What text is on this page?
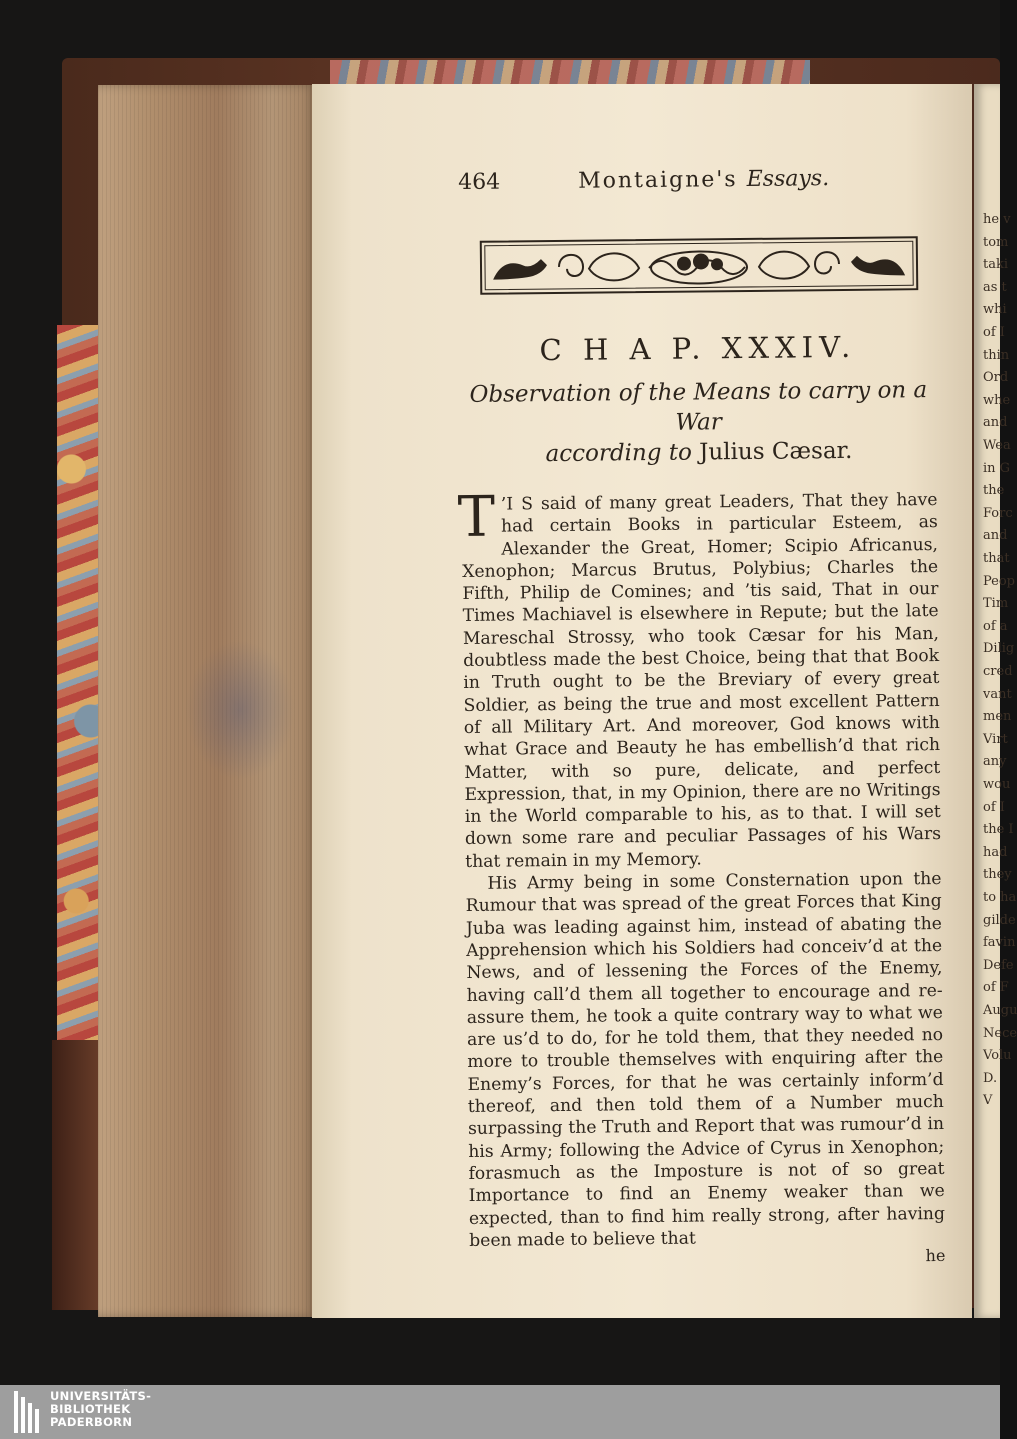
he v
tom
taki
as t
whi
of I
thin
Ord
whe
and
Wea
in G
the
Forc
and
that
Peop
Tim
of a
Dilig
cred
vant
men
Virt
any
wou
of I
the I
had
they
to ha
gilde
favin
Defe
of F
Augu
Nece
Volu
D.
V
464	Montaigne's Essays.
C H A P. XXXIV.
Observation of the Means to carry on a War
according to Julius Cæsar.

’
T I S said of many great Leaders, That they have had certain Books in particular Esteem, as Alexander the Great, Homer; Scipio Africanus, Xenophon; Marcus Brutus, Polybius; Charles the Fifth, Philip de Comines; and ’tis said, That in our Times Machiavel is elsewhere in Repute; but the late Mareschal Strossy, who took Cæsar for his Man, doubtless made the best Choice, being that that Book in Truth ought to be the Breviary of every great Soldier, as being the true and most excellent Pattern of all Military Art. And moreover, God knows with what Grace and Beauty he has embellish’d that rich Matter, with so pure, delicate, and perfect Expression, that, in my Opinion, there are no Writings in the World comparable to his, as to that. I will set down some rare and peculiar Passages of his Wars that remain in my Memory.

His Army being in some Consternation upon the Rumour that was spread of the great Forces that King Juba was leading against him, instead of abating the Apprehension which his Soldiers had conceiv’d at the News, and of lessening the Forces of the Enemy, having call’d them all together to encourage and re-assure them, he took a quite contrary way to what we are us’d to do, for he told them, that they needed no more to trouble themselves with enquiring after the Enemy’s Forces, for that he was certainly inform’d thereof, and then told them of a Number much surpassing the Truth and Report that was rumour’d in his Army; following the Advice of Cyrus in Xenophon; forasmuch as the Imposture is not of so great Importance to find an Enemy weaker than we expected, than to find him really strong, after having been made to believe that

he
UNIVERSITÄTS-
BIBLIOTHEK
PADERBORN
